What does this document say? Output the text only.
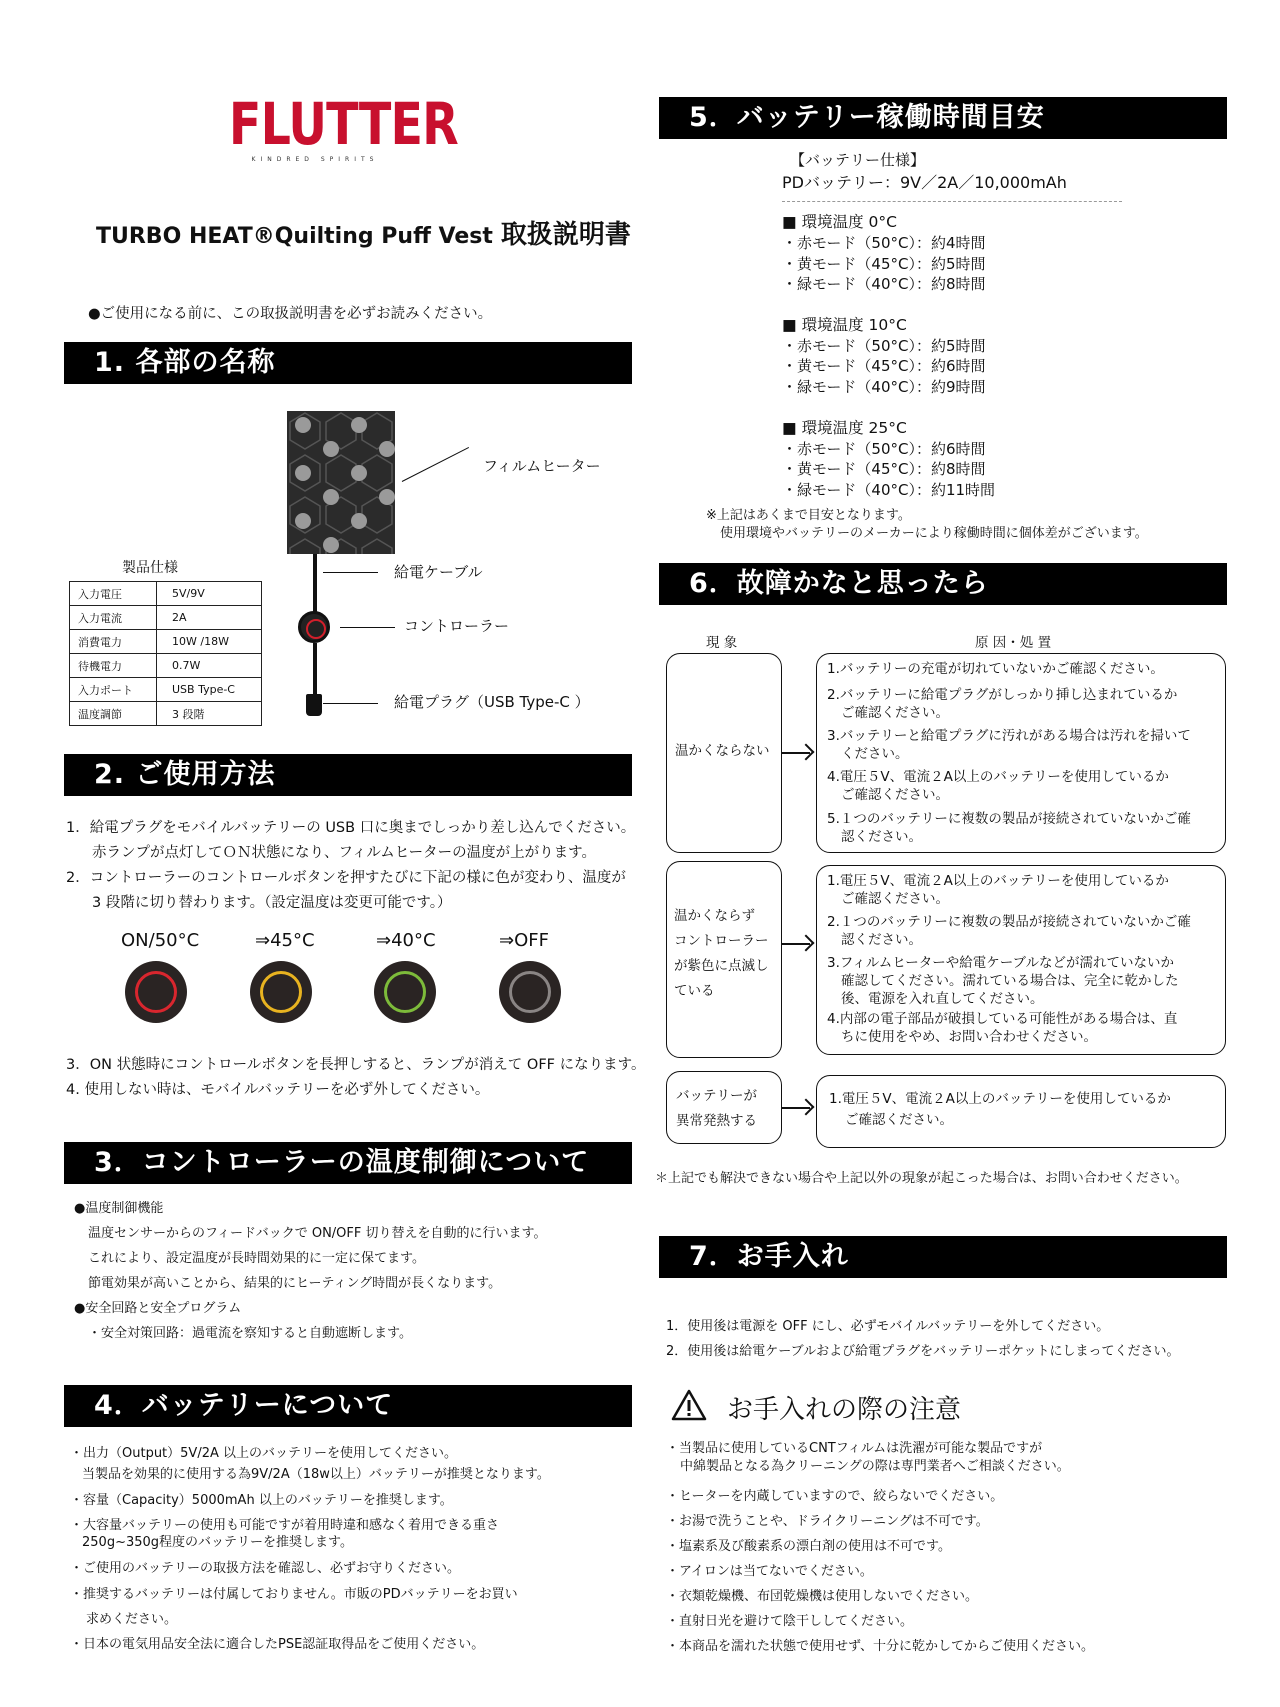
FLUTTER
KINDRED SPIRITS
TURBO HEAT®Quilting Puff Vest 取扱説明書
●ご使用になる前に、この取扱説明書を必ずお読みください。
1. 各部の名称
フィルムヒーター
給電ケーブル
コントローラー
給電プラグ（USB Type-C ）
製品仕様
入力電圧	5V/9V
入力電流	2A
消費電力	10W /18W
待機電力	0.7W
入力ポート	USB Type-C
温度調節	3 段階
2. ご使用方法
1．給電プラグをモバイルバッテリーの USB 口に奥までしっかり差し込んでください。
赤ランプが点灯してＯＮ状態になり、フィルムヒーターの温度が上がります。
2．コントローラーのコントロールボタンを押すたびに下記の様に色が変わり、温度が
3 段階に切り替わります。（設定温度は変更可能です。）
ON/50°C	⇒45°C	⇒40°C	⇒OFF
3．ON 状態時にコントロールボタンを長押しすると、ランプが消えて OFF になります。
4. 使用しない時は、モバイルバッテリーを必ず外してください。
3．コントローラーの温度制御について
●温度制御機能
温度センサーからのフィードバックで ON/OFF 切り替えを自動的に行います。
これにより、設定温度が長時間効果的に一定に保てます。
節電効果が高いことから、結果的にヒーティング時間が長くなります。
●安全回路と安全プログラム
・安全対策回路：過電流を察知すると自動遮断します。
4．バッテリーについて
・出力（Output）5V/2A 以上のバッテリーを使用してください。
当製品を効果的に使用する為9V/2A（18w以上）バッテリーが推奨となります。
・容量（Capacity）5000mAh 以上のバッテリーを推奨します。
・大容量バッテリーの使用も可能ですが着用時違和感なく着用できる重さ
250g~350g程度のバッテリーを推奨します。
・ご使用のバッテリーの取扱方法を確認し、必ずお守りください。
・推奨するバッテリーは付属しておりません。市販のPDバッテリーをお買い
求めください。
・日本の電気用品安全法に適合したPSE認証取得品をご使用ください。
5．バッテリー稼働時間目安
【バッテリー仕様】
PDバッテリー：9V／2A／10,000mAh
■ 環境温度 0°C
・赤モード（50°C）：約4時間
・黄モード（45°C）：約5時間
・緑モード（40°C）：約8時間
■ 環境温度 10°C
・赤モード（50°C）：約5時間
・黄モード（45°C）：約6時間
・緑モード（40°C）：約9時間
■ 環境温度 25°C
・赤モード（50°C）：約6時間
・黄モード（45°C）：約8時間
・緑モード（40°C）：約11時間
※上記はあくまで目安となります。
使用環境やバッテリーのメーカーにより稼働時間に個体差がございます。
6．故障かなと思ったら
現 象	原 因・処 置
温かくならない
1.バッテリーの充電が切れていないかご確認ください。
2.バッテリーに給電プラグがしっかり挿し込まれているか
ご確認ください。
3.バッテリーと給電プラグに汚れがある場合は汚れを掃いて
ください。
4.電圧５V、電流２A以上のバッテリーを使用しているか
ご確認ください。
5.１つのバッテリーに複数の製品が接続されていないかご確
認ください。
温かくならず
コントローラー
が紫色に点滅し
ている
1.電圧５V、電流２A以上のバッテリーを使用しているか
ご確認ください。
2.１つのバッテリーに複数の製品が接続されていないかご確
認ください。
3.フィルムヒーターや給電ケーブルなどが濡れていないか
確認してください。濡れている場合は、完全に乾かした
後、電源を入れ直してください。
4.内部の電子部品が破損している可能性がある場合は、直
ちに使用をやめ、お問い合わせください。
バッテリーが
異常発熱する
1.電圧５V、電流２A以上のバッテリーを使用しているか
ご確認ください。
＊上記でも解決できない場合や上記以外の現象が起こった場合は、お問い合わせください。
7．お手入れ
1．使用後は電源を OFF にし、必ずモバイルバッテリーを外してください。
2．使用後は給電ケーブルおよび給電プラグをバッテリーポケットにしまってください。
お手入れの際の注意
・当製品に使用しているCNTフィルムは洗濯が可能な製品ですが
中綿製品となる為クリーニングの際は専門業者へご相談ください。
・ヒーターを内蔵していますので、絞らないでください。
・お湯で洗うことや、ドライクリーニングは不可です。
・塩素系及び酸素系の漂白剤の使用は不可です。
・アイロンは当てないでください。
・衣類乾燥機、布団乾燥機は使用しないでください。
・直射日光を避けて陰干ししてください。
・本商品を濡れた状態で使用せず、十分に乾かしてからご使用ください。
